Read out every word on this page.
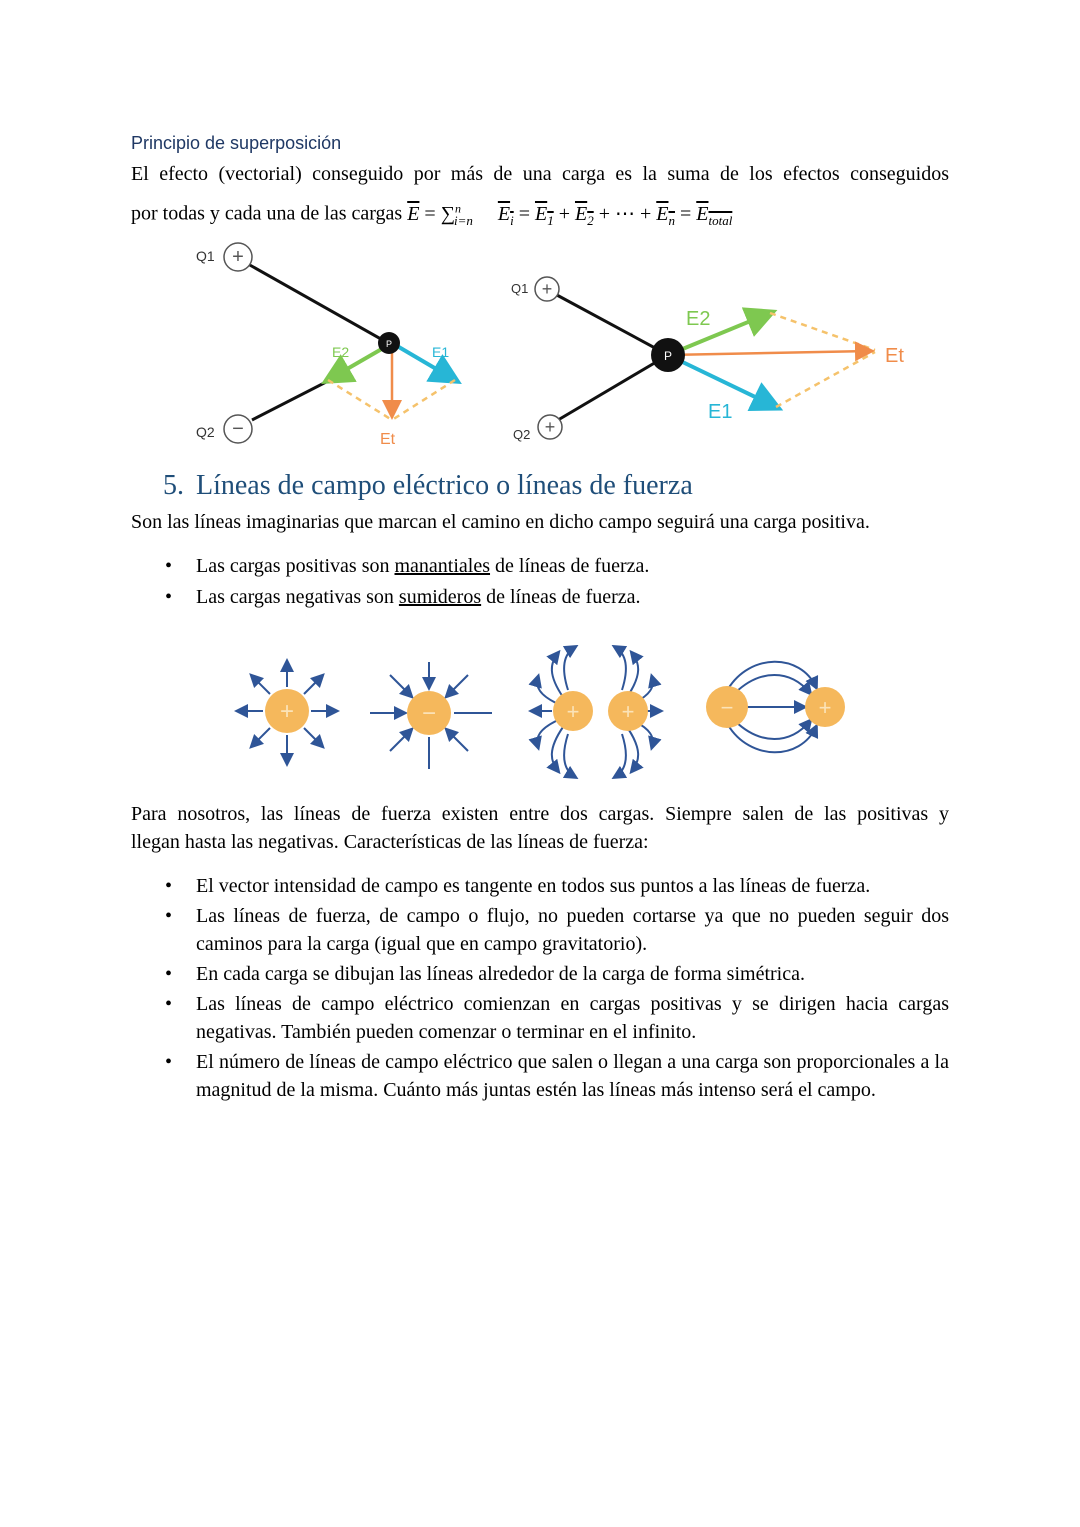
Principio de superposición
El efecto (vectorial) conseguido por más de una carga es la suma de los efectos conseguidos
por todas y cada una de las cargas $\overline{E} = \sum^n_{i=n}$ $E_i = E_1 + E_2$ + ⋯ + $E_n = E_{total}$
+
Q1
−
Q2
P
E2	E1
Et
+
Q1
+
Q2
P
E2
E1
Et
5. Líneas de campo eléctrico o líneas de fuerza
Son las líneas imaginarias que marcan el camino en dicho campo seguirá una carga positiva.
• Las cargas positivas son manantiales de líneas de fuerza.
• Las cargas negativas son sumideros de líneas de fuerza.
+	−	+ +	−	+
Para nosotros, las líneas de fuerza existen entre dos cargas. Siempre salen de las positivas y
llegan hasta las negativas. Características de las líneas de fuerza:
• El vector intensidad de campo es tangente en todos sus puntos a las líneas de fuerza.
• Las líneas de fuerza, de campo o flujo, no pueden cortarse ya que no pueden seguir dos caminos para la carga (igual que en campo gravitatorio).
• En cada carga se dibujan las líneas alrededor de la carga de forma simétrica.
• Las líneas de campo eléctrico comienzan en cargas positivas y se dirigen hacia cargas negativas. También pueden comenzar o terminar en el infinito.
• El número de líneas de campo eléctrico que salen o llegan a una carga son proporcionales a la magnitud de la misma. Cuánto más juntas estén las líneas más intenso será el campo.
